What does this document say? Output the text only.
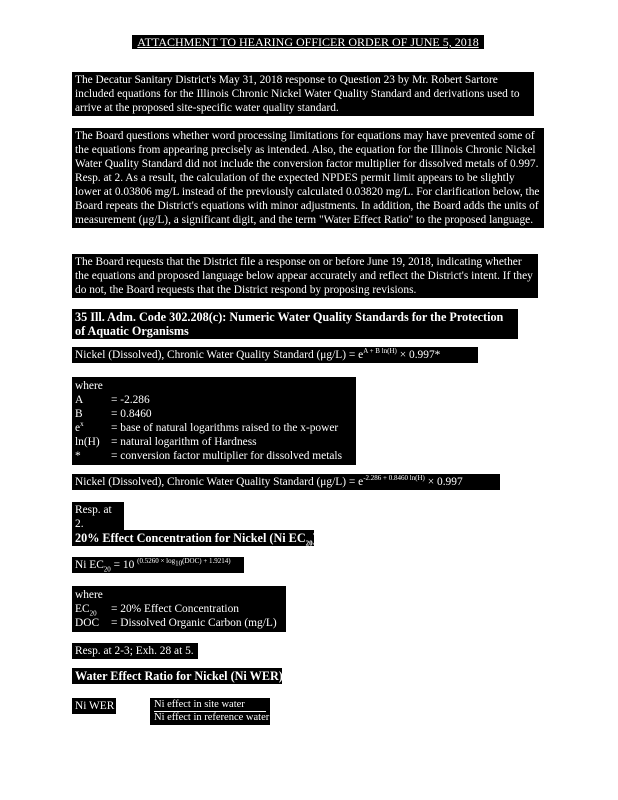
ATTACHMENT TO HEARING OFFICER ORDER OF JUNE 5, 2018

The Decatur Sanitary District's May 31, 2018 response to Question 23 by Mr. Robert Sartore included equations for the Illinois Chronic Nickel Water Quality Standard and derivations used to arrive at the proposed site-specific water quality standard.

The Board questions whether word processing limitations for equations may have prevented some of the equations from appearing precisely as intended. Also, the equation for the Illinois Chronic Nickel Water Quality Standard did not include the conversion factor multiplier for dissolved metals of 0.997. Resp. at 2. As a result, the calculation of the expected NPDES permit limit appears to be slightly lower at 0.03806 mg/L instead of the previously calculated 0.03820 mg/L. For clarification below, the Board repeats the District's equations with minor adjustments. In addition, the Board adds the units of measurement (μg/L), a significant digit, and the term "Water Effect Ratio" to the proposed language.

The Board requests that the District file a response on or before June 19, 2018, indicating whether the equations and proposed language below appear accurately and reflect the District's intent. If they do not, the Board requests that the District respond by proposing revisions.

35 Ill. Adm. Code 302.208(c): Numeric Water Quality Standards for the Protection of Aquatic Organisms
Nickel (Dissolved), Chronic Water Quality Standard $(\mu g/L) = e^{A + B ln(H)} \times 0.997*$
where
A	= -2.286
B	= 0.8460
$e^x$	= base of natural logarithms raised to the x-power
ln(H) = natural logarithm of Hardness
*	= conversion factor multiplier for dissolved metals
Nickel (Dissolved), Chronic Water Quality Standard $(\mu g/L) = e^{-2.286 + 0.8460 ln(H)} \times 0.997$
Resp. at 2.
20% Effect Concentration for Nickel (Ni $EC_{20}$)
Ni $EC_{20} = 10$ $^{(0.5260 \times log_{10}(DOC) + 1.9214)}$
where
$EC_{20}$	= 20% Effect Concentration
DOC	= Dissolved Organic Carbon (mg/L)
Resp. at 2-3; Exh. 28 at 5.
Water Effect Ratio for Nickel (Ni WER)
Ni WER	Ni effect in site water
Ni effect in reference water
